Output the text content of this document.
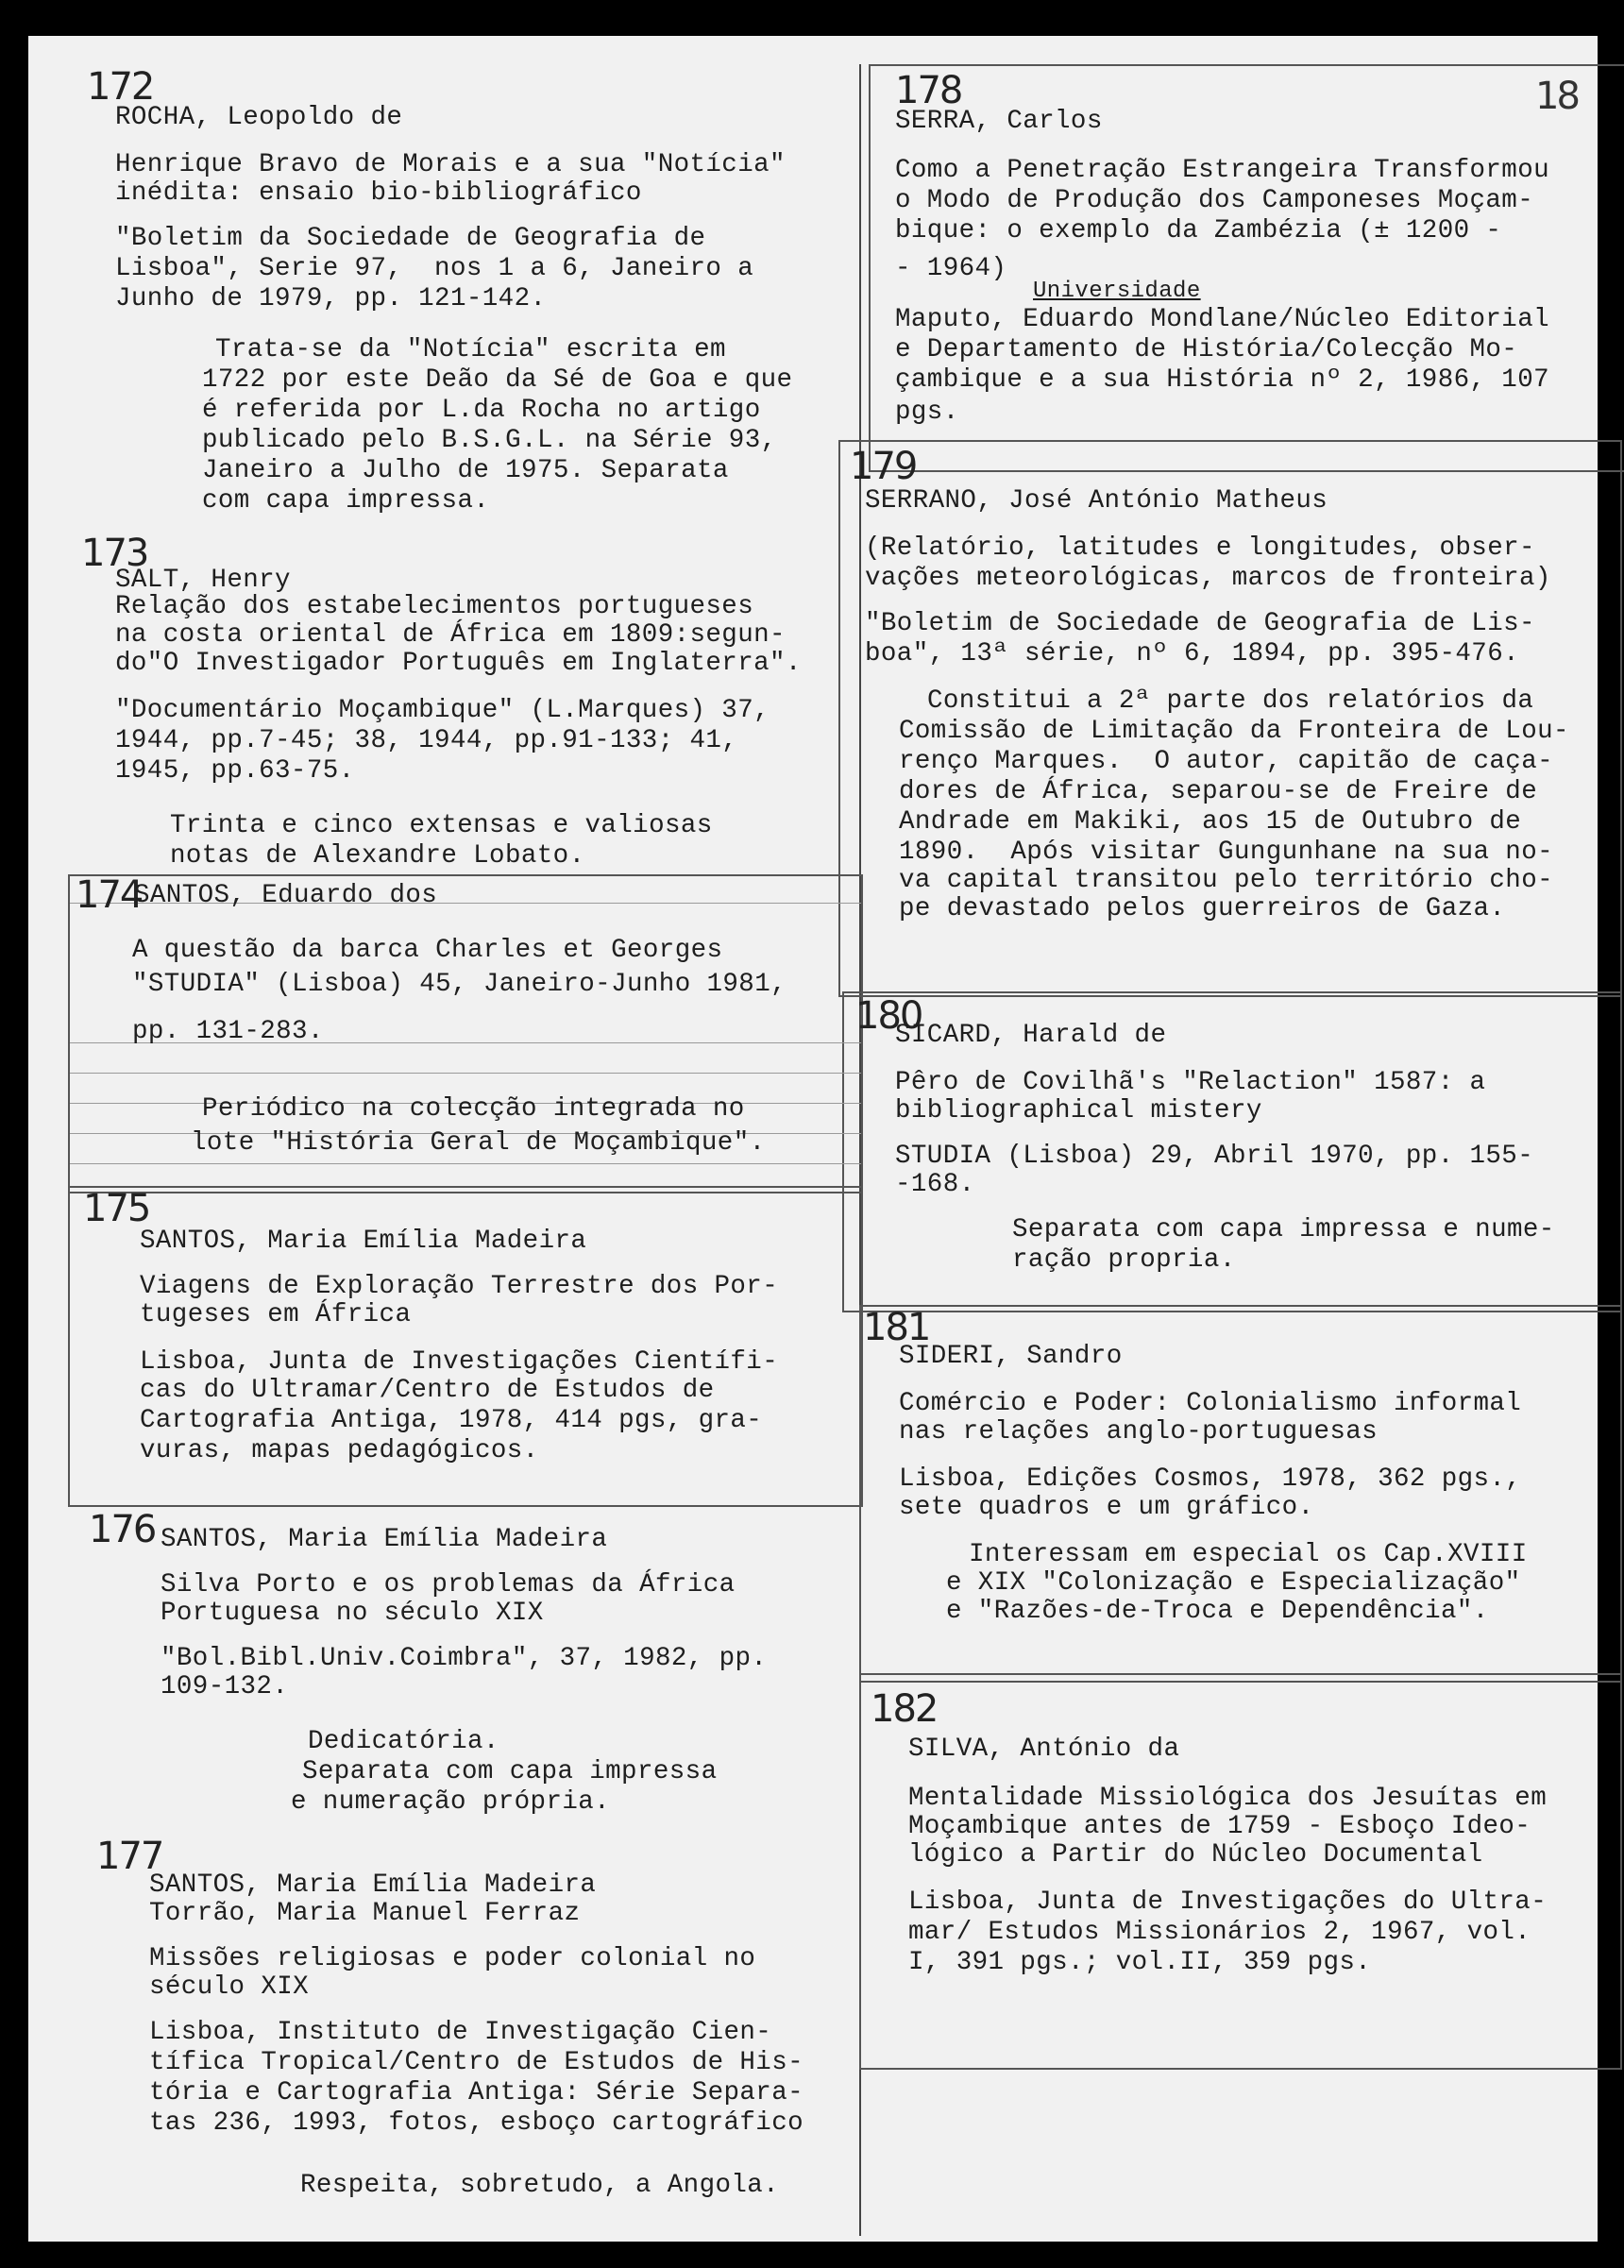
18
172
ROCHA, Leopoldo de
Henrique Bravo de Morais e a sua "Notícia"
inédita: ensaio bio-bibliográfico
"Boletim da Sociedade de Geografia de
Lisboa", Serie 97,  nos 1 a 6, Janeiro a
Junho de 1979, pp. 121-142.
Trata-se da "Notícia" escrita em
1722 por este Deão da Sé de Goa e que
é referida por L.da Rocha no artigo
publicado pelo B.S.G.L. na Série 93,
Janeiro a Julho de 1975. Separata
com capa impressa.
173
SALT, Henry
Relação dos estabelecimentos portugueses
na costa oriental de África em 1809:segun-
do"O Investigador Português em Inglaterra".
"Documentário Moçambique" (L.Marques) 37,
1944, pp.7-45; 38, 1944, pp.91-133; 41,
1945, pp.63-75.
Trinta e cinco extensas e valiosas
notas de Alexandre Lobato.
174
SANTOS, Eduardo dos
A questão da barca Charles et Georges
"STUDIA" (Lisboa) 45, Janeiro-Junho 1981,
pp. 131-283.
Periódico na colecção integrada no
lote "História Geral de Moçambique".
175
SANTOS, Maria Emília Madeira
Viagens de Exploração Terrestre dos Por-
tugeses em África
Lisboa, Junta de Investigações Científi-
cas do Ultramar/Centro de Estudos de
Cartografia Antiga, 1978, 414 pgs, gra-
vuras, mapas pedagógicos.
176 SANTOS, Maria Emília Madeira
Silva Porto e os problemas da África
Portuguesa no século XIX
"Bol.Bibl.Univ.Coimbra", 37, 1982, pp.
109-132.
Dedicatória.
Separata com capa impressa
e numeração própria.
177
SANTOS, Maria Emília Madeira
Torrão, Maria Manuel Ferraz
Missões religiosas e poder colonial no
século XIX
Lisboa, Instituto de Investigação Cien-
tífica Tropical/Centro de Estudos de His-
tória e Cartografia Antiga: Série Separa-
tas 236, 1993, fotos, esboço cartográfico
Respeita, sobretudo, a Angola.
178
SERRA, Carlos
Como a Penetração Estrangeira Transformou
o Modo de Produção dos Camponeses Moçam-
bique: o exemplo da Zambézia (± 1200 -
- 1964)
Universidade
Maputo, Eduardo Mondlane/Núcleo Editorial
e Departamento de História/Colecção Mo-
çambique e a sua História nº 2, 1986, 107
pgs.
179
SERRANO, José António Matheus
(Relatório, latitudes e longitudes, obser-
vações meteorológicas, marcos de fronteira)
"Boletim de Sociedade de Geografia de Lis-
boa", 13ª série, nº 6, 1894, pp. 395-476.
Constitui a 2ª parte dos relatórios da
Comissão de Limitação da Fronteira de Lou-
renço Marques.  O autor, capitão de caça-
dores de África, separou-se de Freire de
Andrade em Makiki, aos 15 de Outubro de
1890.  Após visitar Gungunhane na sua no-
va capital transitou pelo território cho-
pe devastado pelos guerreiros de Gaza.
180
SICARD, Harald de
Pêro de Covilhã's "Relaction" 1587: a
bibliographical mistery
STUDIA (Lisboa) 29, Abril 1970, pp. 155-
-168.
Separata com capa impressa e nume-
ração propria.
181
SIDERI, Sandro
Comércio e Poder: Colonialismo informal
nas relações anglo-portuguesas
Lisboa, Edições Cosmos, 1978, 362 pgs.,
sete quadros e um gráfico.
Interessam em especial os Cap.XVIII
e XIX "Colonização e Especialização"
e "Razões-de-Troca e Dependência".
182
SILVA, António da
Mentalidade Missiológica dos Jesuítas em
Moçambique antes de 1759 - Esboço Ideo-
lógico a Partir do Núcleo Documental
Lisboa, Junta de Investigações do Ultra-
mar/ Estudos Missionários 2, 1967, vol.
I, 391 pgs.; vol.II, 359 pgs.
